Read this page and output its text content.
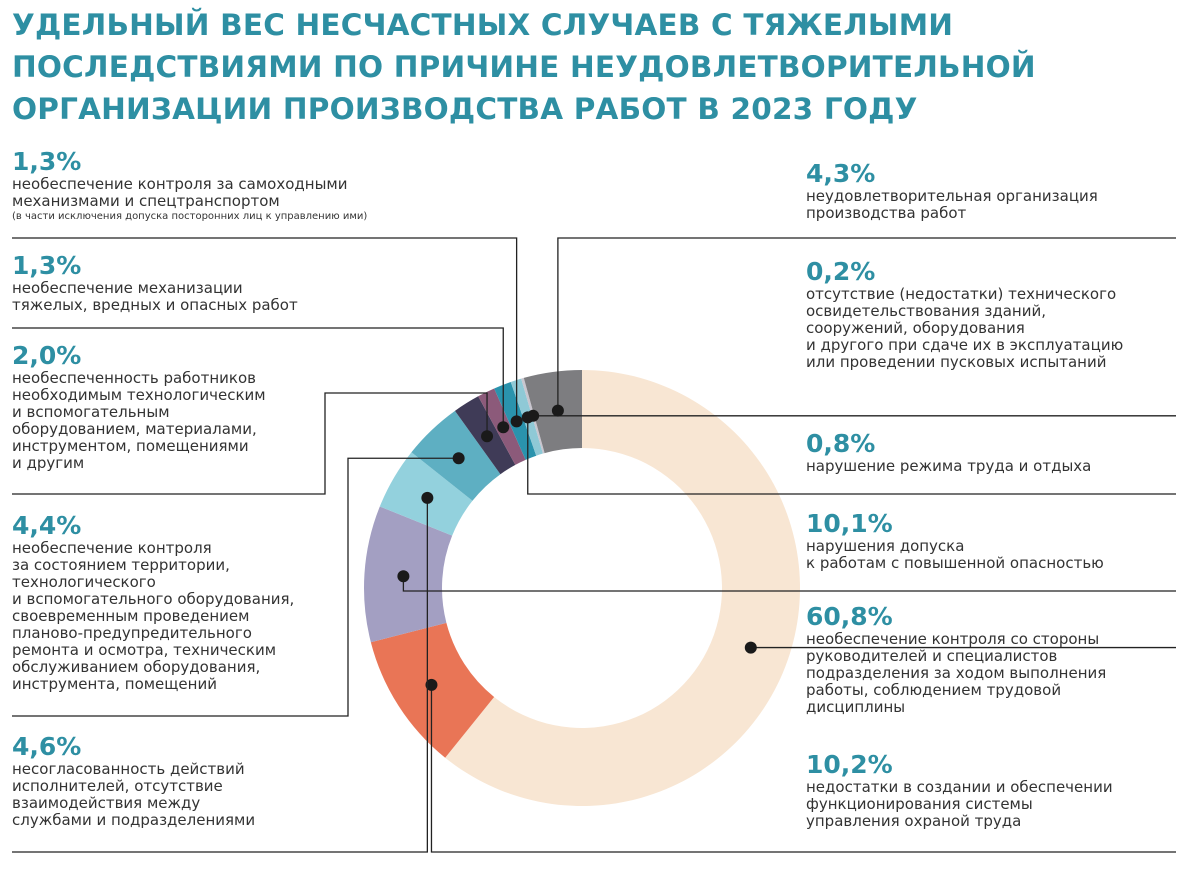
УДЕЛЬНЫЙ ВЕС НЕСЧАСТНЫХ СЛУЧАЕВ С ТЯЖЕЛЫМИ
ПОСЛЕДСТВИЯМИ ПО ПРИЧИНЕ НЕУДОВЛЕТВОРИТЕЛЬНОЙ
ОРГАНИЗАЦИИ ПРОИЗВОДСТВА РАБОТ В 2023 ГОДУ
1,3%
необеспечение контроля за самоходными
механизмами и спецтранспортом
(в части исключения допуска посторонних лиц к управлению ими)
1,3%
необеспечение механизации
тяжелых, вредных и опасных работ
2,0%
необеспеченность работников
необходимым технологическим
и вспомогательным
оборудованием, материалами,
инструментом, помещениями
и другим
4,4%
необеспечение контроля
за состоянием территории,
технологического
и вспомогательного оборудования,
своевременным проведением
планово-предупредительного
ремонта и осмотра, техническим
обслуживанием оборудования,
инструмента, помещений
4,6%
несогласованность действий
исполнителей, отсутствие
взаимодействия между
службами и подразделениями
4,3%
неудовлетворительная организация
производства работ
0,2%
отсутствие (недостатки) технического
освидетельствования зданий,
сооружений, оборудования
и другого при сдаче их в эксплуатацию
или проведении пусковых испытаний
0,8%
нарушение режима труда и отдыха
10,1%
нарушения допуска
к работам с повышенной опасностью
60,8%
необеспечение контроля со стороны
руководителей и специалистов
подразделения за ходом выполнения
работы, соблюдением трудовой
дисциплины
10,2%
недостатки в создании и обеспечении
функционирования системы
управления охраной труда
